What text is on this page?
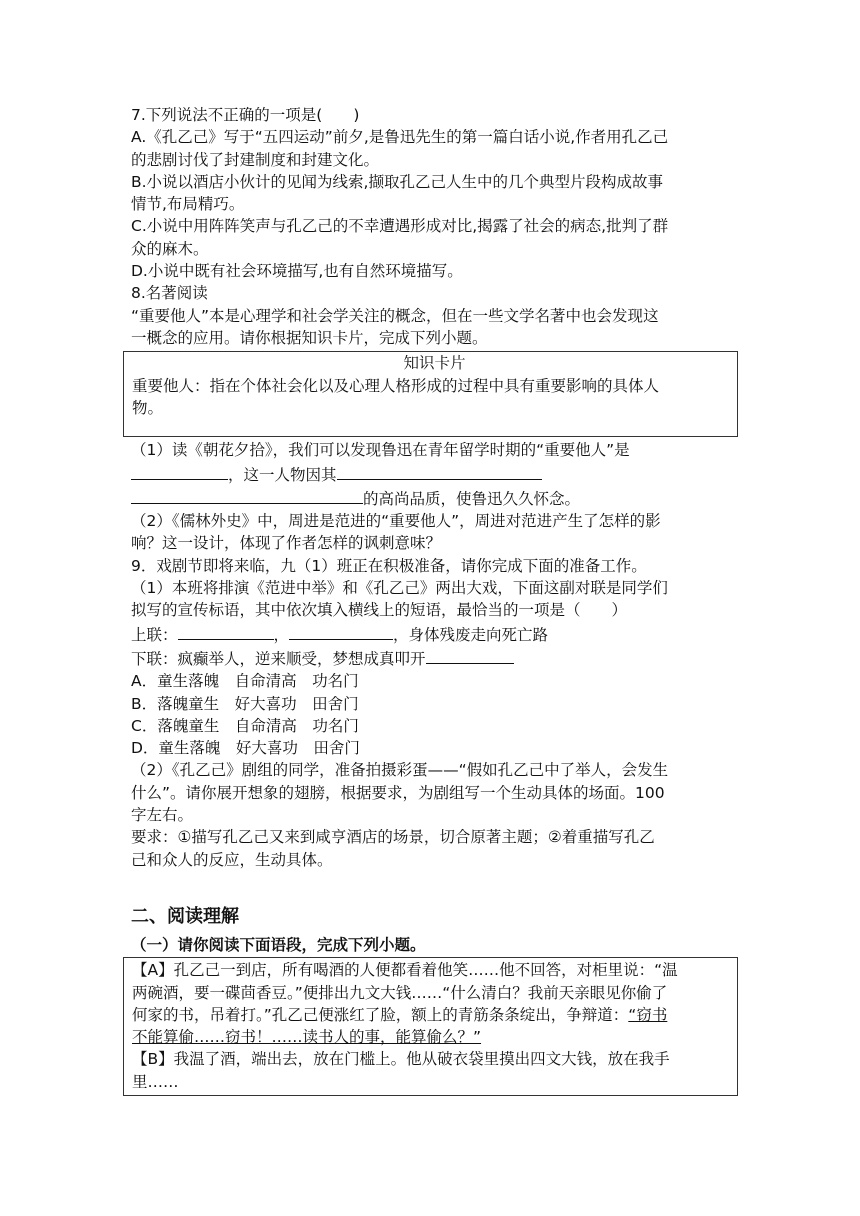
7.下列说法不正确的一项是(　　)
A.《孔乙己》写于“五四运动”前夕,是鲁迅先生的第一篇白话小说,作者用孔乙己
的悲剧讨伐了封建制度和封建文化。
B.小说以酒店小伙计的见闻为线索,撷取孔乙己人生中的几个典型片段构成故事
情节,布局精巧。
C.小说中用阵阵笑声与孔乙己的不幸遭遇形成对比,揭露了社会的病态,批判了群
众的麻木。
D.小说中既有社会环境描写,也有自然环境描写。
8.名著阅读
“重要他人”本是心理学和社会学关注的概念，但在一些文学名著中也会发现这
一概念的应用。请你根据知识卡片，完成下列小题。
知识卡片
重要他人：指在个体社会化以及心理人格形成的过程中具有重要影响的具体人
物。
（1）读《朝花夕拾》，我们可以发现鲁迅在青年留学时期的“重要他人”是
，这一人物因其
的高尚品质，使鲁迅久久怀念。
（2）《儒林外史》中，周进是范进的“重要他人”，周进对范进产生了怎样的影
响？这一设计，体现了作者怎样的讽刺意味？
9．戏剧节即将来临，九（1）班正在积极准备，请你完成下面的准备工作。
（1）本班将排演《范进中举》和《孔乙己》两出大戏，下面这副对联是同学们
拟写的宣传标语，其中依次填入横线上的短语，最恰当的一项是（　　）
上联：	，	，身体残废走向死亡路
下联：疯癫举人，逆来顺受，梦想成真叩开
A．童生落魄　自命清高　功名门
B．落魄童生　好大喜功　田舍门
C．落魄童生　自命清高　功名门
D．童生落魄　好大喜功　田舍门
（2）《孔乙己》剧组的同学，准备拍摄彩蛋——“假如孔乙己中了举人，会发生
什么”。请你展开想象的翅膀，根据要求，为剧组写一个生动具体的场面。100
字左右。
要求：①描写孔乙己又来到咸亨酒店的场景，切合原著主题；②着重描写孔乙
己和众人的反应，生动具体。
二、阅读理解
（一）请你阅读下面语段，完成下列小题。
【A】孔乙己一到店，所有喝酒的人便都看着他笑……他不回答，对柜里说：“温
两碗酒，要一碟茴香豆。”便排出九文大钱……“什么清白？我前天亲眼见你偷了
何家的书，吊着打。”孔乙己便涨红了脸，额上的青筋条条绽出，争辩道：“窃书
不能算偷……窃书！……读书人的事，能算偷么？”
【B】我温了酒，端出去，放在门槛上。他从破衣袋里摸出四文大钱，放在我手
里……
